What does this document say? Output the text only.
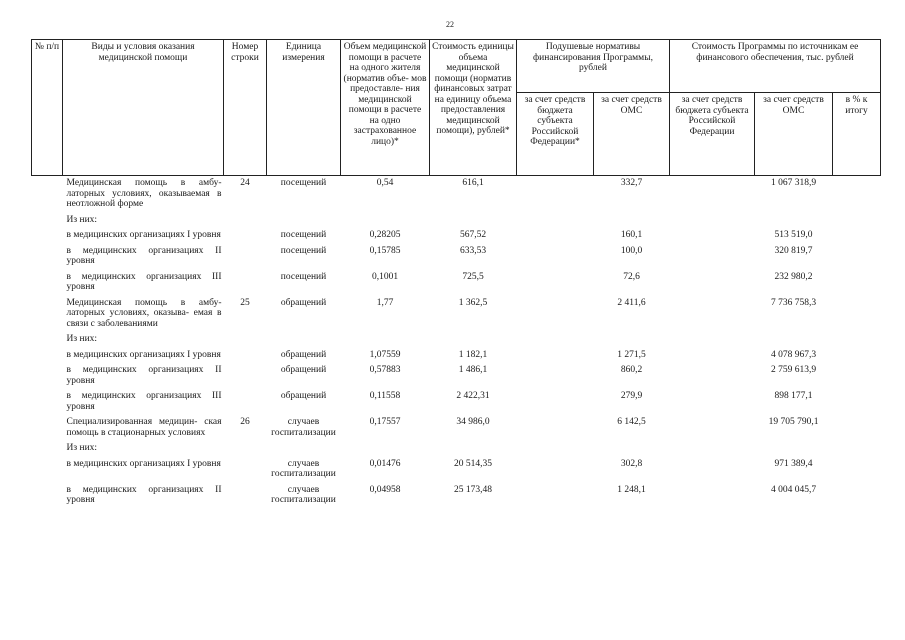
22
№ п/п	Виды и условия оказания медицинской помощи	Номер строки	Единица измерения	Объем медицинской помощи в расчете на одного жителя (норматив объе- мов предоставле- ния медицинской помощи в расчете на одно застрахованное лицо)*	Стоимость единицы объема медицинской помощи (норматив финансовых затрат на единицу объема предоставления медицинской помощи), рублей*	Подушевые нормативы финансирования Программы, рублей		Стоимость Программы по источникам ее финансового обеспечения, тыс. рублей		
						за счет средств бюджета субъекта Российской Федерации*	за счет средств ОМС	за счет средств бюджета субъекта Российской Федерации	за счет средств ОМС	в % к итогу
	Медицинская помощь в амбу- латорных условиях, оказываемая в неотложной форме	24	посещений	0,54	616,1		332,7		1 067 318,9	
	Из них:									
	в медицинских организациях I уровня		посещений	0,28205	567,52		160,1		513 519,0	
	в медицинских организациях II уровня		посещений	0,15785	633,53		100,0		320 819,7	
	в медицинских организациях III уровня		посещений	0,1001	725,5		72,6		232 980,2	
	Медицинская помощь в амбу- латорных условиях, оказыва- емая в связи с заболеваниями	25	обращений	1,77	1 362,5		2 411,6		7 736 758,3	
	Из них:									
	в медицинских организациях I уровня		обращений	1,07559	1 182,1		1 271,5		4 078 967,3	
	в медицинских организациях II уровня		обращений	0,57883	1 486,1		860,2		2 759 613,9	
	в медицинских организациях III уровня		обращений	0,11558	2 422,31		279,9		898 177,1	
	Специализированная медицин- ская помощь в стационарных условиях	26	случаев госпитализации	0,17557	34 986,0		6 142,5		19 705 790,1	
	Из них:									
	в медицинских организациях I уровня		случаев госпитализации	0,01476	20 514,35		302,8		971 389,4	
	в медицинских организациях II уровня		случаев госпитализации	0,04958	25 173,48		1 248,1		4 004 045,7	
